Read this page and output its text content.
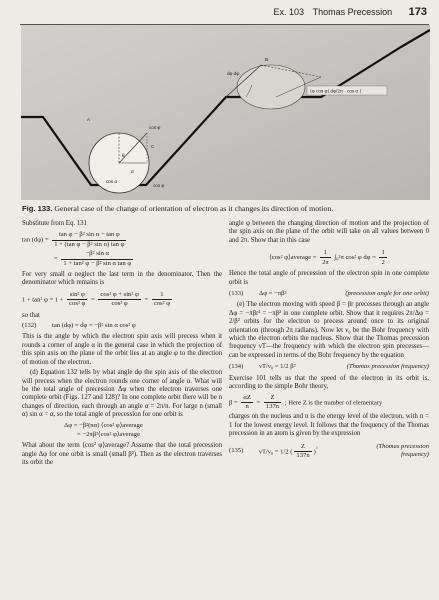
Ex. 103 Thomas Precession 173
dφ dφ
B
⟨φ cos φ⟩ dφ/2π · cos α ⟩
A
cos φ
θ
α
cos α
cos φ
C
Fig. 133. General case of the change of orientation of electron as it changes its direction of motion.

Substitute from Eq. 131

$\tan (d\varphi) = \frac{\text{tan φ − β² sin α − tan φ}}{\text{1 + (tan φ − β² sin α) tan φ}}$
= $\frac{\text{−β² sin α}}{\text{1 + tan² φ − β² sin α tan φ}}$

For very small α neglect the last term in the denominator. Then the denominator which remains is

1 + tan² $\varphi = 1 + \frac{\text{sin² φ}}{\text{cos² φ}} = \frac{\text{cos² φ + sin² φ}}{\text{cos² φ}} = \frac{1}{\text{cos² φ}}$

so that

(132)	tan (dφ) = dφ = −β² sin α cos² φ

This is the angle by which the electron spin axis will precess when it rounds a corner of angle α in the general case in which the projection of this spin axis on the plane of the orbit lies at an angle φ to the direction of motion of the electron.

(d) Equation 132 tells by what angle dφ the spin axis of the electron will precess when the electron rounds one corner of angle α. What will be the total angle of precession Δφ when the electron traverses one complete orbit (Figs. 127 and 128)? In one complete orbit there will be n changes of direction, each through an angle α = 2π/n. For large n (small α) sin α = α, so the total angle of precession for one orbit is

Δφ = −β²(nα) ⟨cos² φ⟩average
= −2πβ²⟨cos² φ⟩average

What about the term ⟨cos² φ⟩average? Assume that the total precession angle Δφ for one orbit is small (small β²). Then as the electron traverses its orbit the

angle φ between the changing direction of motion and the projection of the spin axis on the plane of the orbit will take on all values between 0 and 2π. Show that in this case

⟨cos² φ⟩average = $\frac{1}{2\pi} \int_0^2\pi$ cos² φ $d\varphi = \frac{1}{2}$

Hence the total angle of precession of the electron spin in one complete orbit is

(133)	Δφ = −πβ²	(precession angle for one orbit)

(e) The electron moving with speed β = βr precesses through an angle Δφ = −πβr² = −πβ² in one complete orbit. Show that it requires 2π/Δφ = 2/β² orbits for the electron to precess around once to its original orientation (through 2π radians). Now let ν₀ be the Bohr frequency with which the electron orbits the nucleus. Show that the Thomas precession frequency νT—the frequency with which the electron spin precesses—can be expressed in terms of the Bohr frequency by the equation

(134)	νT/ν₀ = 1/2 β²	(Thomas precession frequency)

Exercise 101 tells us that the speed of the electron in its orbit is, according to the simple Bohr theory,

$\beta = \frac{\alpha Z}{n} = \frac{Z}{137n}$ ; Here Z is the number of elementary

charges on the nucleus and n is the energy level of the electron, with n = 1 for the lowest energy level. It follows that the frequency of the Thomas precession in an atom is given by the expression

(135)	νT/ν₀ = 1/2 ( $\frac{Z}{137n} )^{^2}$	(Thomas precession
frequency)
